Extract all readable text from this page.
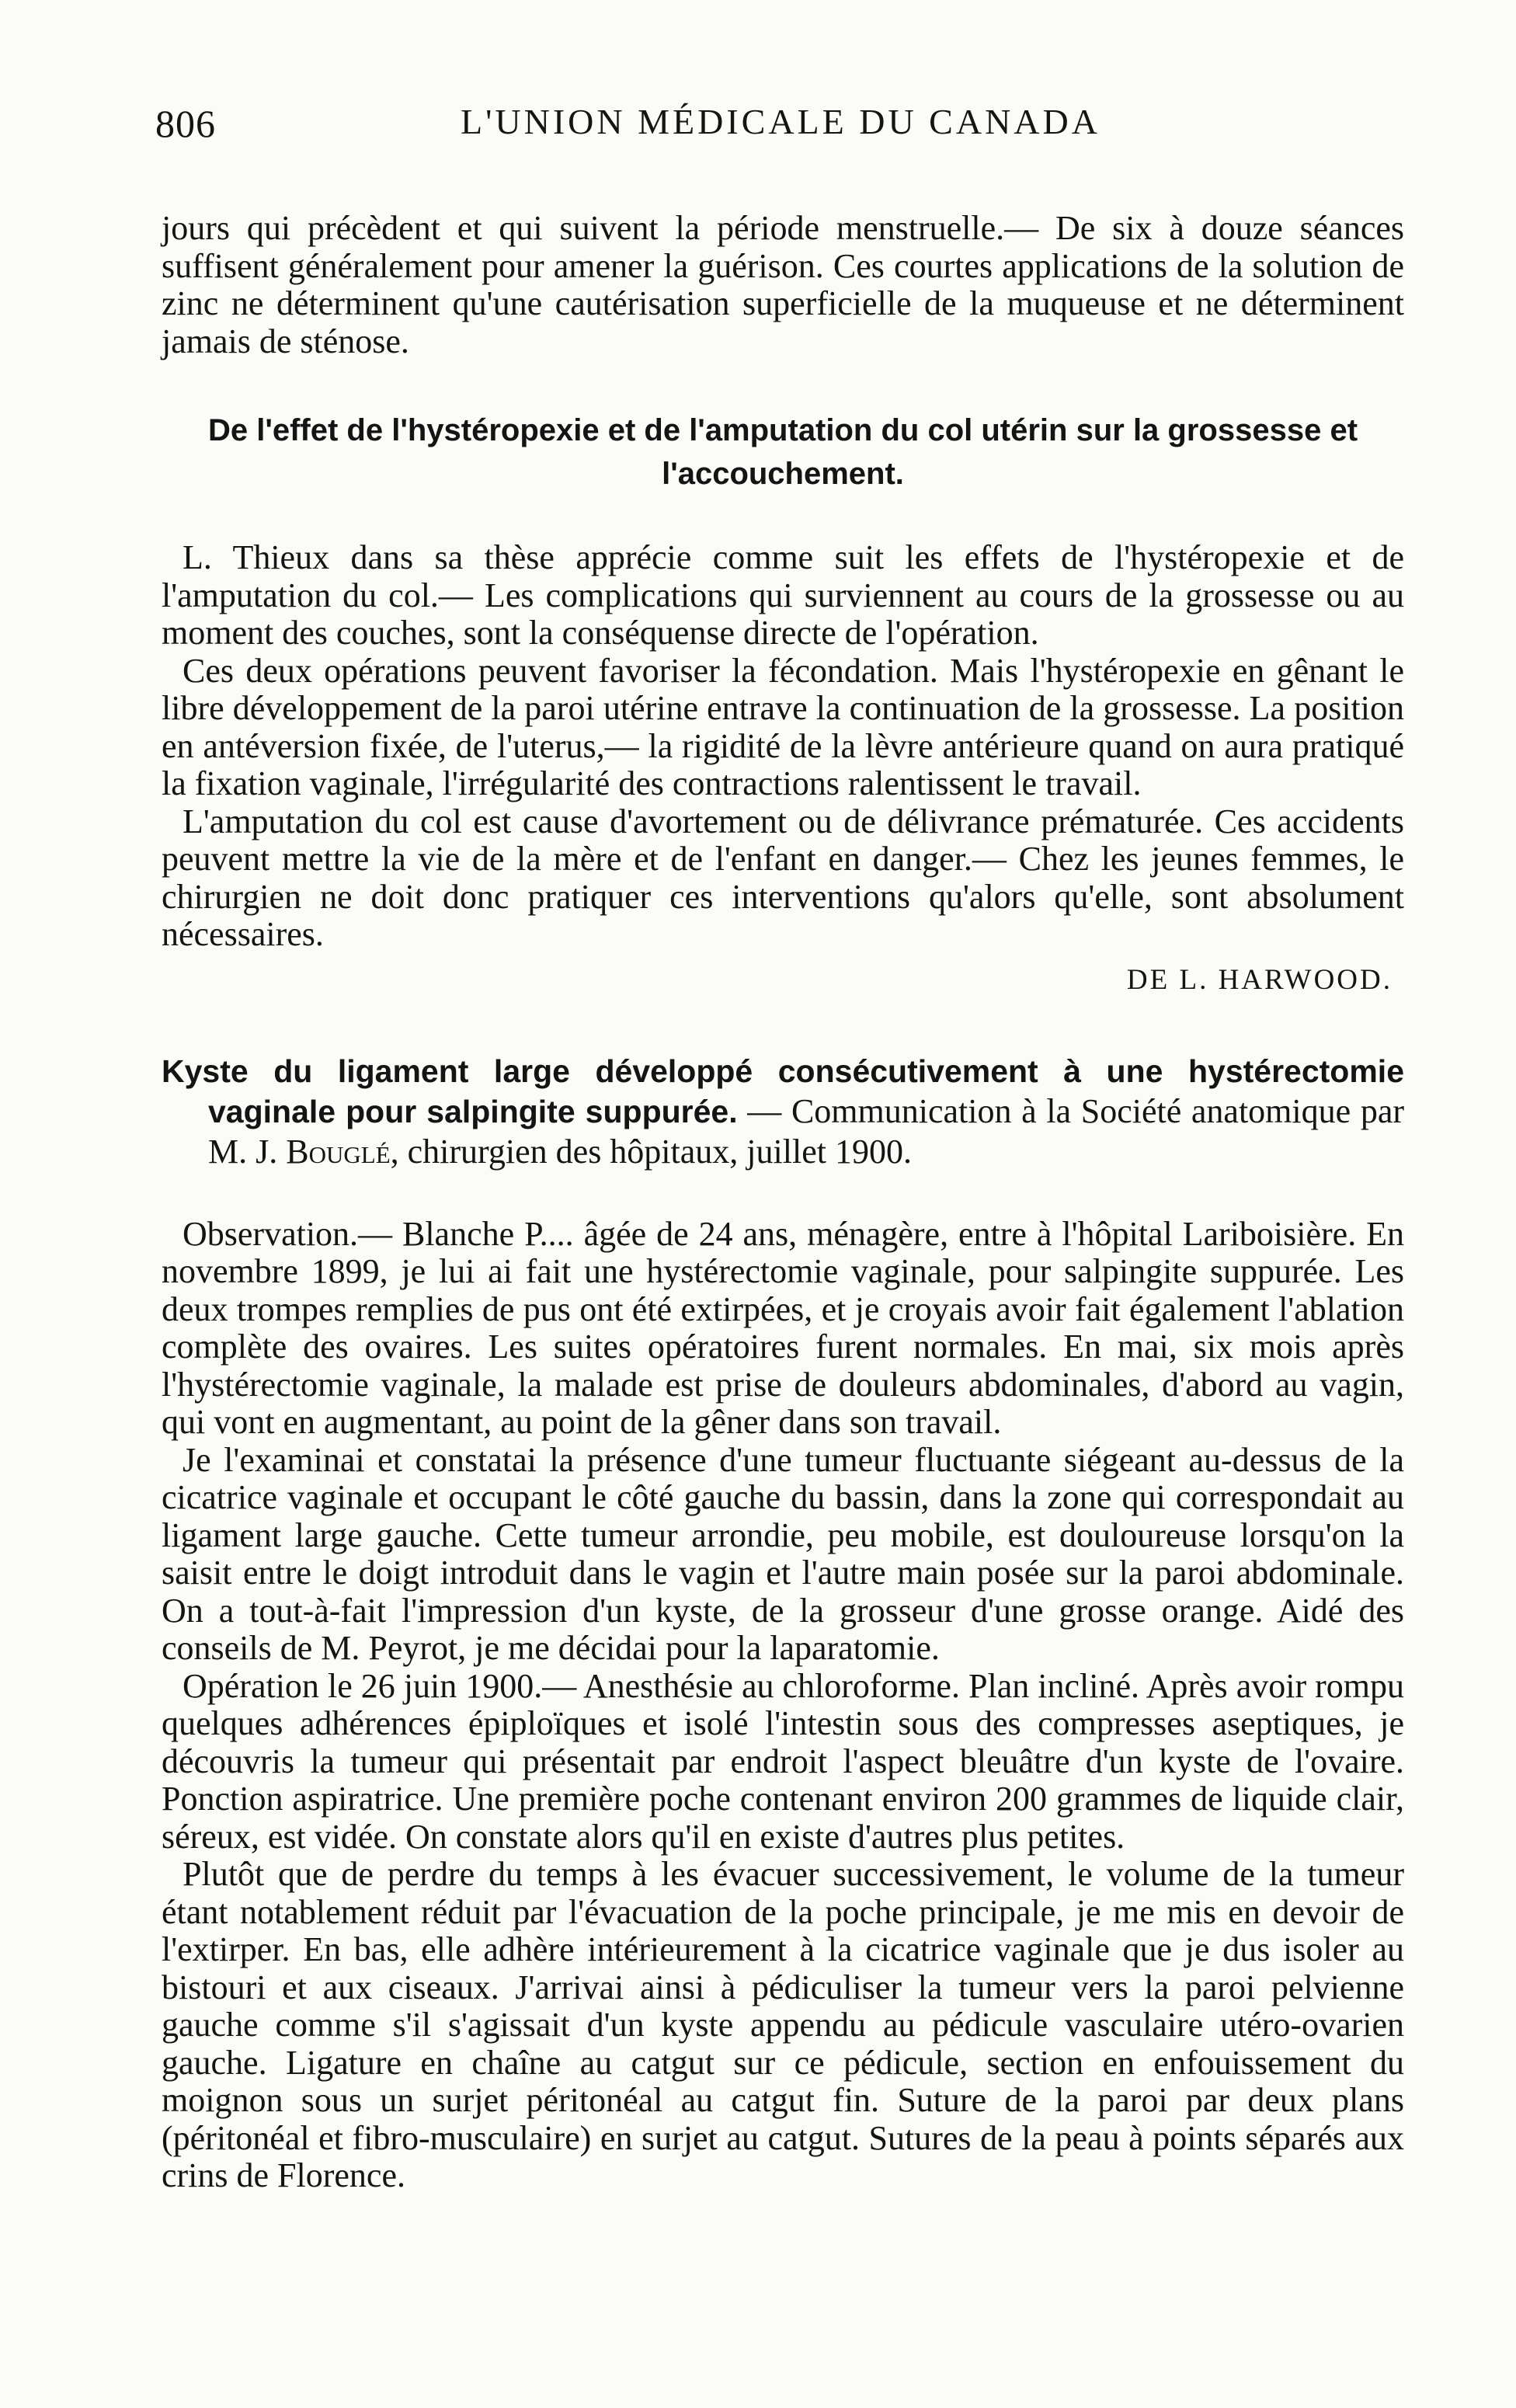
806	L'UNION MÉDICALE DU CANADA

jours qui précèdent et qui suivent la période menstruelle.— De six à douze séances suffisent généralement pour amener la guérison. Ces courtes applications de la solution de zinc ne déterminent qu'une cautérisation superficielle de la muqueuse et ne déterminent jamais de sténose.

De l'effet de l'hystéropexie et de l'amputation du col utérin sur la grossesse et l'accouchement.

L. Thieux dans sa thèse apprécie comme suit les effets de l'hystéropexie et de l'amputation du col.— Les complications qui surviennent au cours de la grossesse ou au moment des couches, sont la conséquense directe de l'opération.

Ces deux opérations peuvent favoriser la fécondation. Mais l'hystéropexie en gênant le libre développement de la paroi utérine entrave la continuation de la grossesse. La position en antéversion fixée, de l'uterus,— la rigidité de la lèvre antérieure quand on aura pratiqué la fixation vaginale, l'irrégularité des contractions ralentissent le travail.

L'amputation du col est cause d'avortement ou de délivrance prématurée. Ces accidents peuvent mettre la vie de la mère et de l'enfant en danger.— Chez les jeunes femmes, le chirurgien ne doit donc pratiquer ces interventions qu'alors qu'elle, sont absolument nécessaires.

DE L. HARWOOD.

Kyste du ligament large développé consécutivement à une hystérectomie vaginale pour salpingite suppurée. — Communication à la Société anatomique par M. J. Bouglé, chirurgien des hôpitaux, juillet 1900.

Observation.— Blanche P.... âgée de 24 ans, ménagère, entre à l'hôpital Lariboisière. En novembre 1899, je lui ai fait une hystérectomie vaginale, pour salpingite suppurée. Les deux trompes remplies de pus ont été extirpées, et je croyais avoir fait également l'ablation complète des ovaires. Les suites opératoires furent normales. En mai, six mois après l'hystérectomie vaginale, la malade est prise de douleurs abdominales, d'abord au vagin, qui vont en augmentant, au point de la gêner dans son travail.

Je l'examinai et constatai la présence d'une tumeur fluctuante siégeant au-dessus de la cicatrice vaginale et occupant le côté gauche du bassin, dans la zone qui correspondait au ligament large gauche. Cette tumeur arrondie, peu mobile, est douloureuse lorsqu'on la saisit entre le doigt introduit dans le vagin et l'autre main posée sur la paroi abdominale. On a tout-à-fait l'impression d'un kyste, de la grosseur d'une grosse orange. Aidé des conseils de M. Peyrot, je me décidai pour la laparatomie.

Opération le 26 juin 1900.— Anesthésie au chloroforme. Plan incliné. Après avoir rompu quelques adhérences épiploïques et isolé l'intestin sous des compresses aseptiques, je découvris la tumeur qui présentait par endroit l'aspect bleuâtre d'un kyste de l'ovaire. Ponction aspiratrice. Une première poche contenant environ 200 grammes de liquide clair, séreux, est vidée. On constate alors qu'il en existe d'autres plus petites.

Plutôt que de perdre du temps à les évacuer successivement, le volume de la tumeur étant notablement réduit par l'évacuation de la poche principale, je me mis en devoir de l'extirper. En bas, elle adhère intérieurement à la cicatrice vaginale que je dus isoler au bistouri et aux ciseaux. J'arrivai ainsi à pédiculiser la tumeur vers la paroi pelvienne gauche comme s'il s'agissait d'un kyste appendu au pédicule vasculaire utéro-ovarien gauche. Ligature en chaîne au catgut sur ce pédicule, section en enfouissement du moignon sous un surjet péritonéal au catgut fin. Suture de la paroi par deux plans (péritonéal et fibro-musculaire) en surjet au catgut. Sutures de la peau à points séparés aux crins de Florence.
